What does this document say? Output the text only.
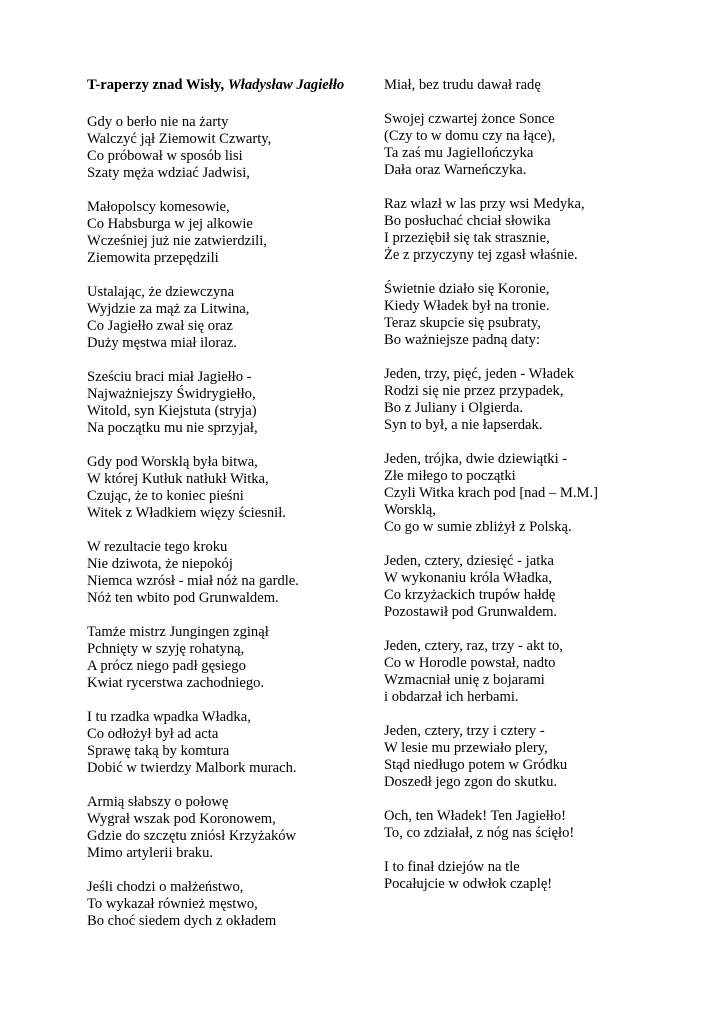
T-raperzy znad Wisły, Władysław Jagiełło
Gdy o berło nie na żarty
Walczyć jął Ziemowit Czwarty,
Co próbował w sposób lisi
Szaty męża wdziać Jadwisi,
Małopolscy komesowie,
Co Habsburga w jej alkowie
Wcześniej już nie zatwierdzili,
Ziemowita przepędzili
Ustalając, że dziewczyna
Wyjdzie za mąż za Litwina,
Co Jagiełło zwał się oraz
Duży męstwa miał iloraz.
Sześciu braci miał Jagiełło -
Najważniejszy Świdrygiełło,
Witold, syn Kiejstuta (stryja)
Na początku mu nie sprzyjał,
Gdy pod Worsklą była bitwa,
W której Kutłuk natłukł Witka,
Czując, że to koniec pieśni
Witek z Władkiem więzy ściesnił.
W rezultacie tego kroku
Nie dziwota, że niepokój
Niemca wzrósł - miał nóż na gardle.
Nóż ten wbito pod Grunwaldem.
Tamże mistrz Jungingen zginął
Pchnięty w szyję rohatyną,
A prócz niego padł gęsiego
Kwiat rycerstwa zachodniego.
I tu rzadka wpadka Władka,
Co odłożył był ad acta
Sprawę taką by komtura
Dobić w twierdzy Malbork murach.
Armią słabszy o połowę
Wygrał wszak pod Koronowem,
Gdzie do szczętu zniósł Krzyżaków
Mimo artylerii braku.
Jeśli chodzi o małżeństwo,
To wykazał również męstwo,
Bo choć siedem dych z okładem
Miał, bez trudu dawał radę
Swojej czwartej żonce Sonce
(Czy to w domu czy na łące),
Ta zaś mu Jagiellończyka
Dała oraz Warneńczyka.
Raz wlazł w las przy wsi Medyka,
Bo posłuchać chciał słowika
I przeziębił się tak strasznie,
Że z przyczyny tej zgasł właśnie.
Świetnie działo się Koronie,
Kiedy Władek był na tronie.
Teraz skupcie się psubraty,
Bo ważniejsze padną daty:
Jeden, trzy, pięć, jeden - Władek
Rodzi się nie przez przypadek,
Bo z Juliany i Olgierda.
Syn to był, a nie łapserdak.
Jeden, trójka, dwie dziewiątki -
Złe miłego to początki
Czyli Witka krach pod [nad – M.M.]
Worsklą,
Co go w sumie zbliżył z Polską.
Jeden, cztery, dziesięć - jatka
W wykonaniu króla Władka,
Co krzyżackich trupów hałdę
Pozostawił pod Grunwaldem.
Jeden, cztery, raz, trzy - akt to,
Co w Horodle powstał, nadto
Wzmacniał unię z bojarami
i obdarzał ich herbami.
Jeden, cztery, trzy i cztery -
W lesie mu przewiało plery,
Stąd niedługo potem w Gródku
Doszedł jego zgon do skutku.
Och, ten Władek! Ten Jagiełło!
To, co zdziałał, z nóg nas ścięło!
I to finał dziejów na tle
Pocałujcie w odwłok czaplę!
